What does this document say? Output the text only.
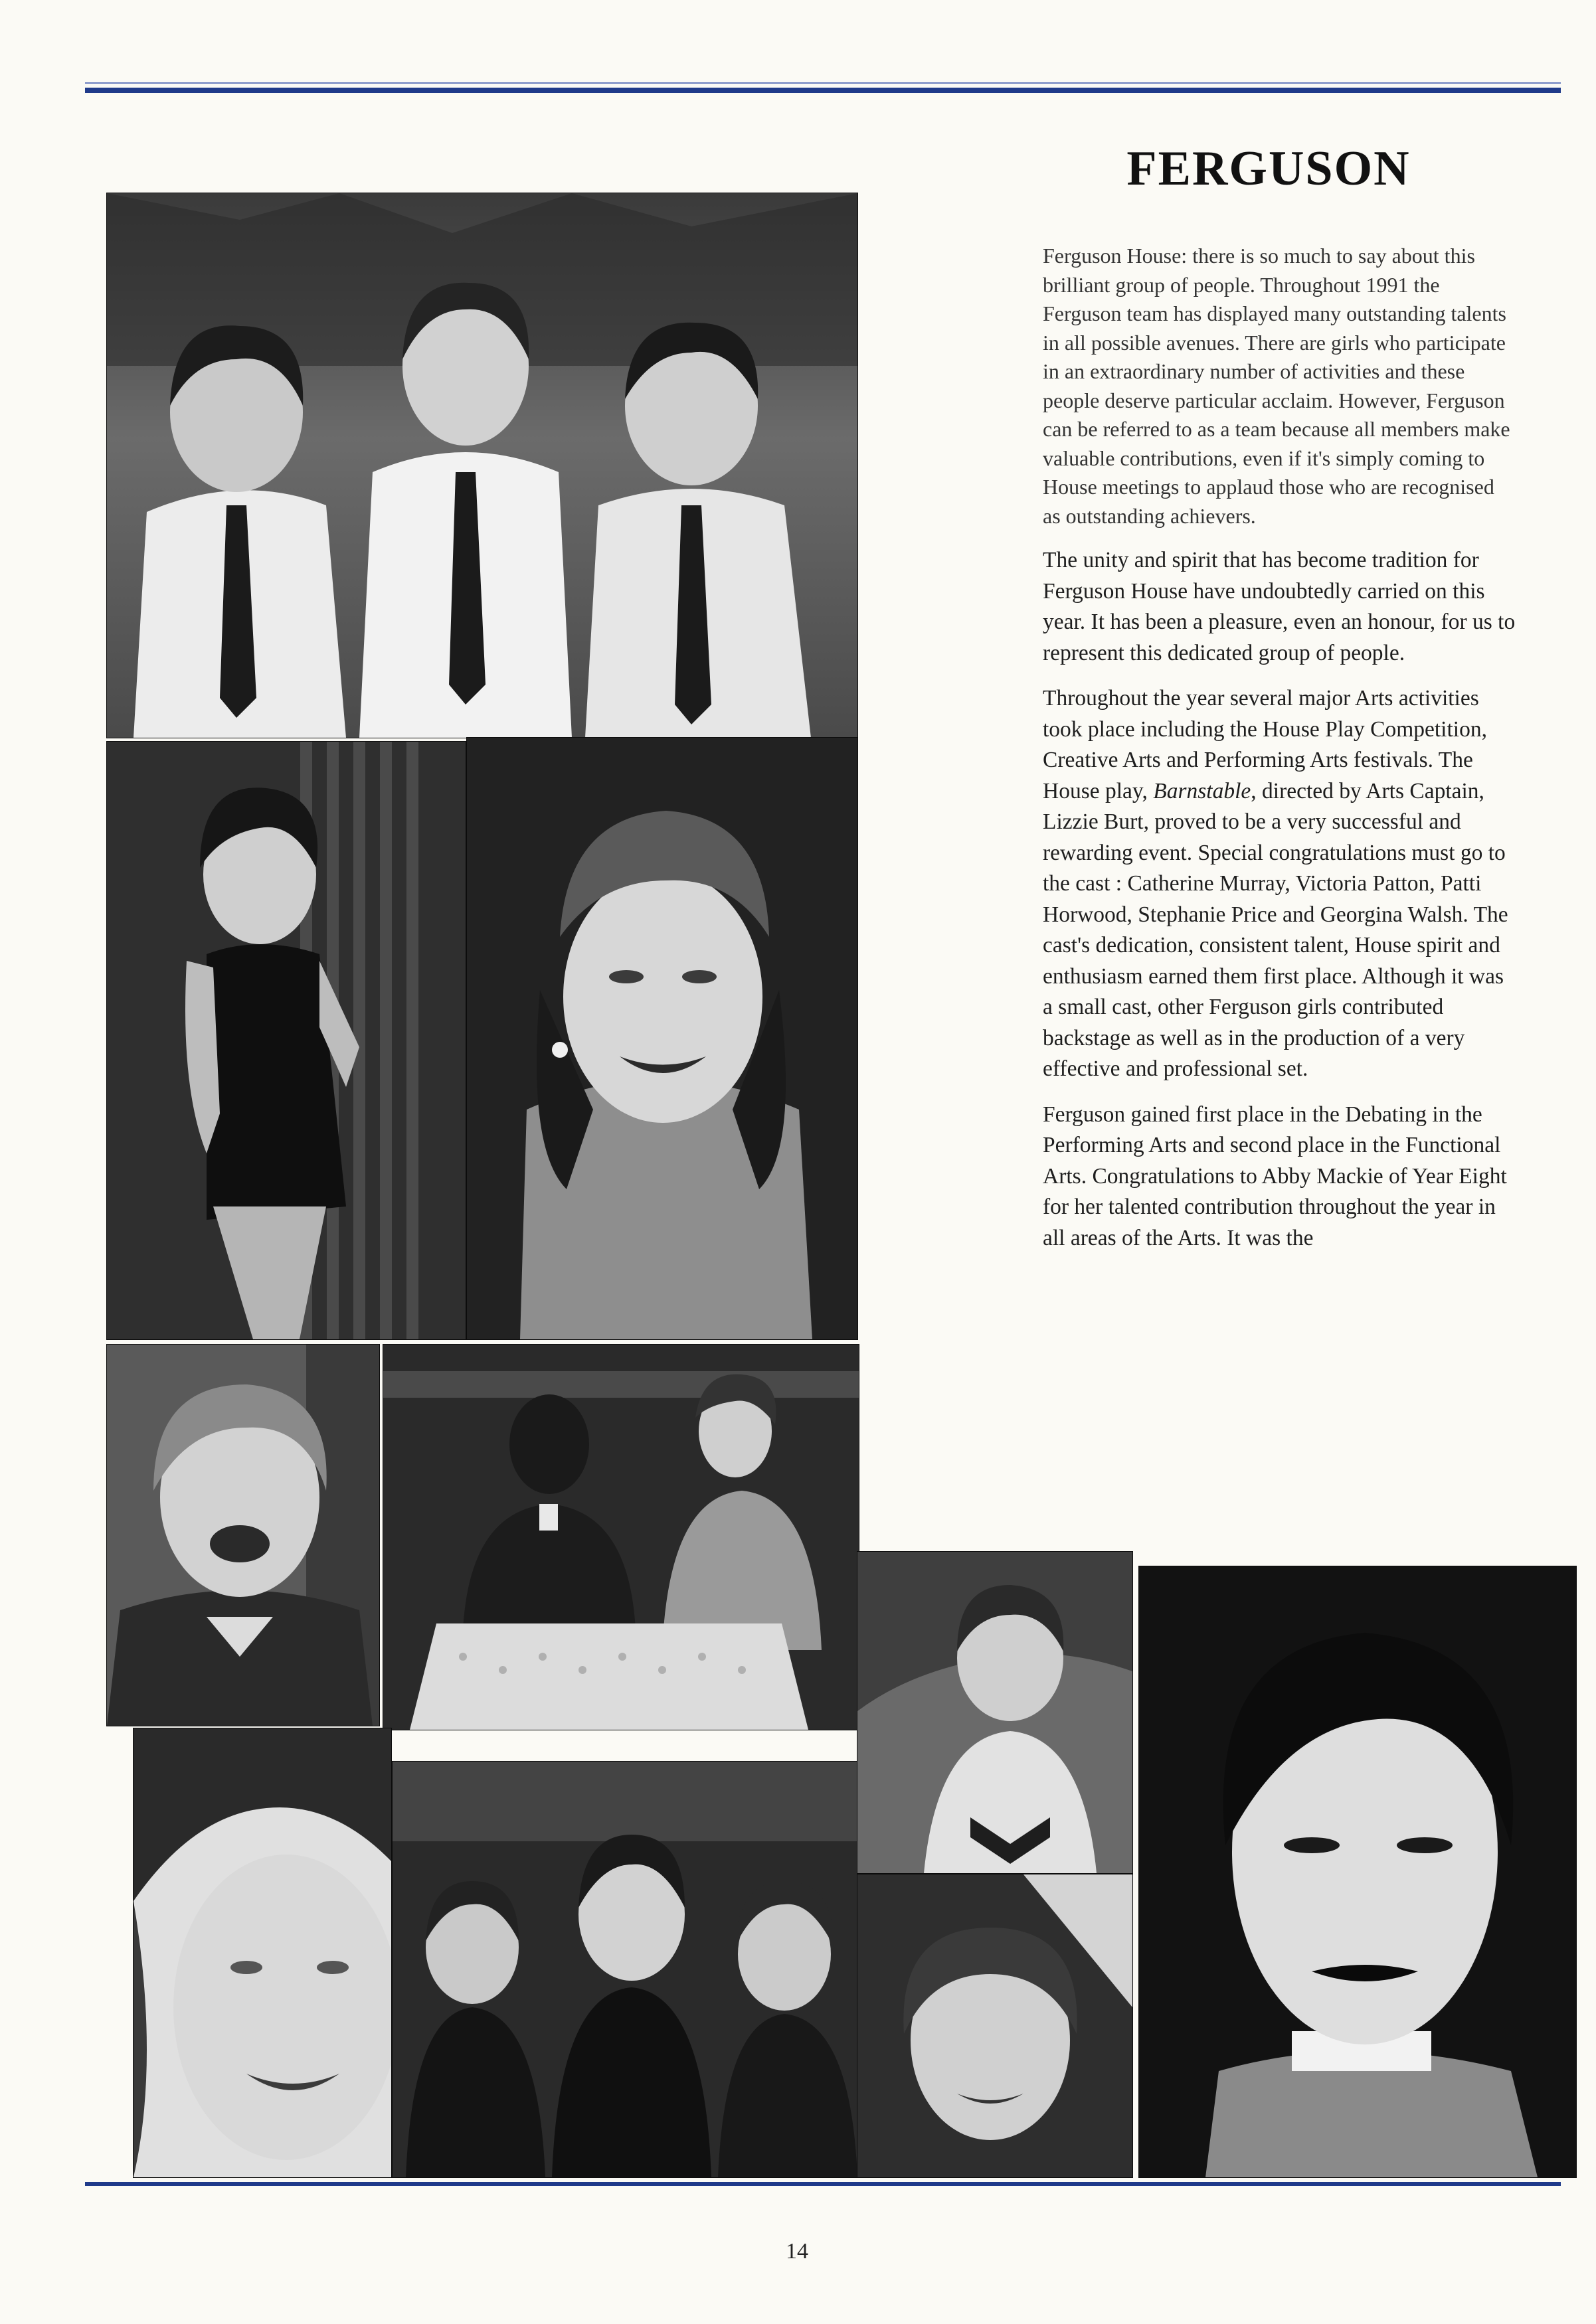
FERGUSON

Ferguson House: there is so much to say about this brilliant group of people. Throughout 1991 the Ferguson team has displayed many outstanding talents in all possible avenues. There are girls who participate in an extraordinary number of activities and these people deserve particular acclaim. However, Ferguson can be referred to as a team because all members make valuable contributions, even if it's simply coming to House meetings to applaud those who are recognised as outstanding achievers.

The unity and spirit that has become tradition for Ferguson House have undoubtedly carried on this year. It has been a pleasure, even an honour, for us to represent this dedicated group of people.

Throughout the year several major Arts activities took place including the House Play Competition, Creative Arts and Performing Arts festivals. The House play, Barnstable, directed by Arts Captain, Lizzie Burt, proved to be a very successful and rewarding event. Special congratulations must go to the cast : Catherine Murray, Victoria Patton, Patti Horwood, Stephanie Price and Georgina Walsh. The cast's dedication, consistent talent, House spirit and enthusiasm earned them first place. Although it was a small cast, other Ferguson girls contributed backstage as well as in the production of a very effective and professional set.

Ferguson gained first place in the Debating in the Performing Arts and second place in the Functional Arts. Congratulations to Abby Mackie of Year Eight for her talented contribution throughout the year in all areas of the Arts. It was the

14
